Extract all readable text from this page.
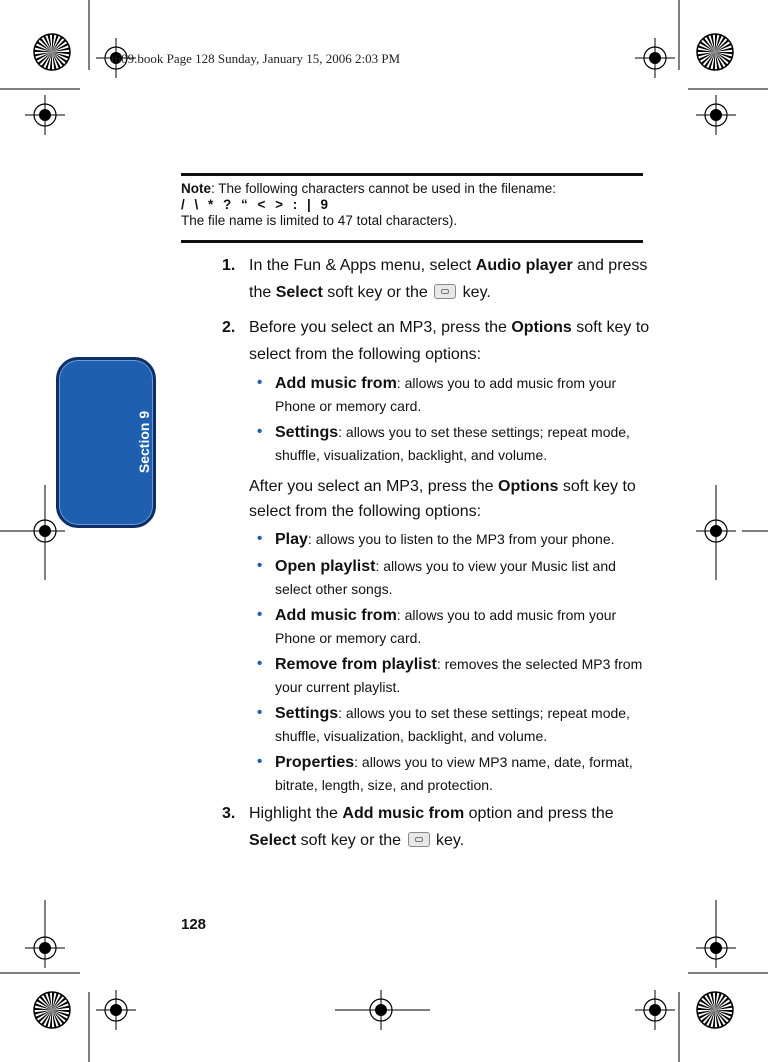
t609.book Page 128 Sunday, January 15, 2006 2:03 PM
Section 9
Note: The following characters cannot be used in the filename:
/ \ * ? “ < > : | 9
The file name is limited to 47 total characters).
1. In the Fun & Apps menu, select Audio player and press the Select soft key or the  key.
2. Before you select an MP3, press the Options soft key to select from the following options:
• Add music from: allows you to add music from your Phone or memory card.
• Settings: allows you to set these settings; repeat mode, shuffle, visualization, backlight, and volume.
After you select an MP3, press the Options soft key to select from the following options:
• Play: allows you to listen to the MP3 from your phone.
• Open playlist: allows you to view your Music list and select other songs.
• Add music from: allows you to add music from your Phone or memory card.
• Remove from playlist: removes the selected MP3 from your current playlist.
• Settings: allows you to set these settings; repeat mode, shuffle, visualization, backlight, and volume.
• Properties: allows you to view MP3 name, date, format, bitrate, length, size, and protection.
3. Highlight the Add music from option and press the Select soft key or the  key.
128
